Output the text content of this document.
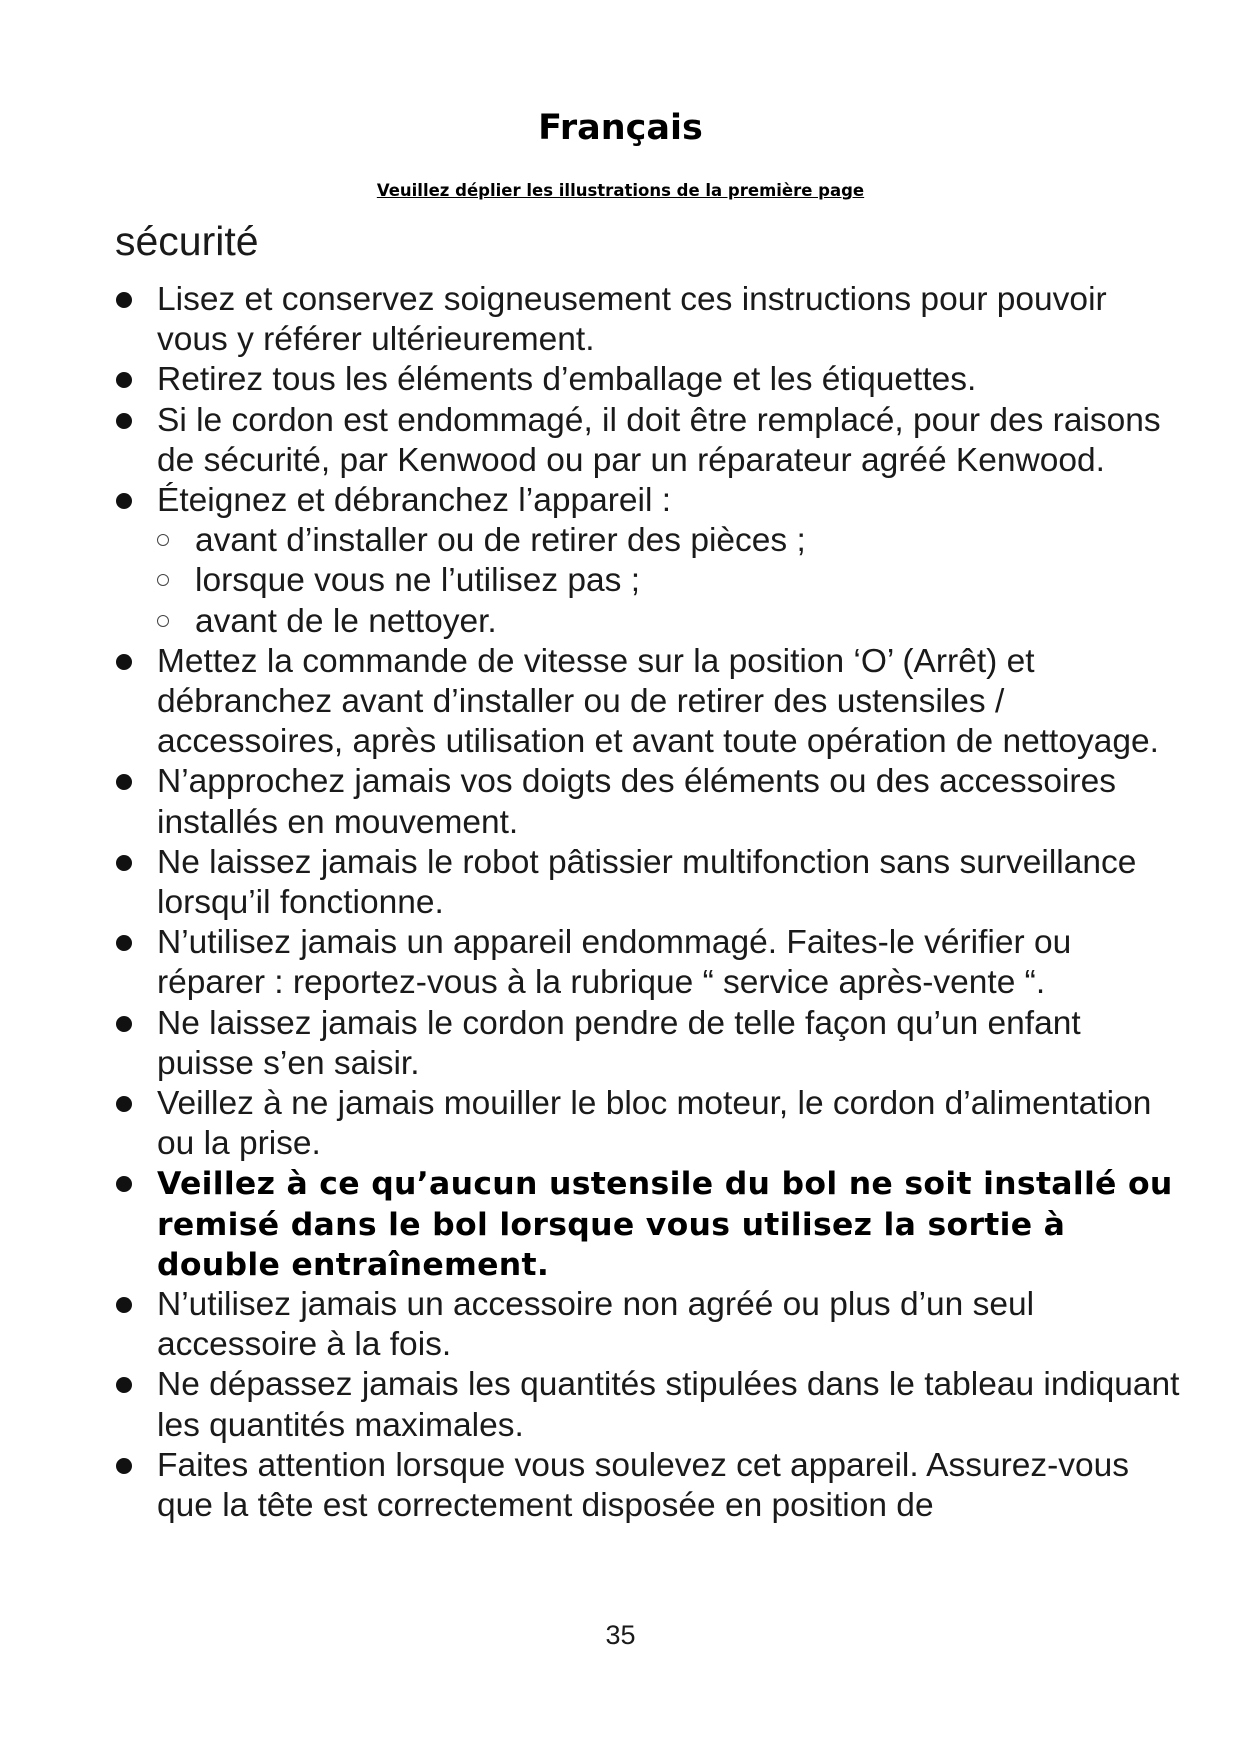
Français
Veuillez déplier les illustrations de la première page
sécurité
Lisez et conservez soigneusement ces instructions pour pouvoir vous y référer ultérieurement.
Retirez tous les éléments d’emballage et les étiquettes.
Si le cordon est endommagé, il doit être remplacé, pour des raisons de sécurité, par Kenwood ou par un réparateur agréé Kenwood.
Éteignez et débranchez l’appareil :
avant d’installer ou de retirer des pièces ;
lorsque vous ne l’utilisez pas ;
avant de le nettoyer.
Mettez la commande de vitesse sur la position ‘O’ (Arrêt) et débranchez avant d’installer ou de retirer des ustensiles / accessoires, après utilisation et avant toute opération de nettoyage.
N’approchez jamais vos doigts des éléments ou des accessoires installés en mouvement.
Ne laissez jamais le robot pâtissier multifonction sans surveillance lorsqu’il fonctionne.
N’utilisez jamais un appareil endommagé. Faites-le vérifier ou réparer : reportez-vous à la rubrique “ service après-vente “.
Ne laissez jamais le cordon pendre de telle façon qu’un enfant puisse s’en saisir.
Veillez à ne jamais mouiller le bloc moteur, le cordon d’alimentation ou la prise.
Veillez à ce qu’aucun ustensile du bol ne soit installé ou remisé dans le bol lorsque vous utilisez la sortie à double entraînement.
N’utilisez jamais un accessoire non agréé ou plus d’un seul accessoire à la fois.
Ne dépassez jamais les quantités stipulées dans le tableau indiquant les quantités maximales.
Faites attention lorsque vous soulevez cet appareil. Assurez-vous que la tête est correctement disposée en position de
35
